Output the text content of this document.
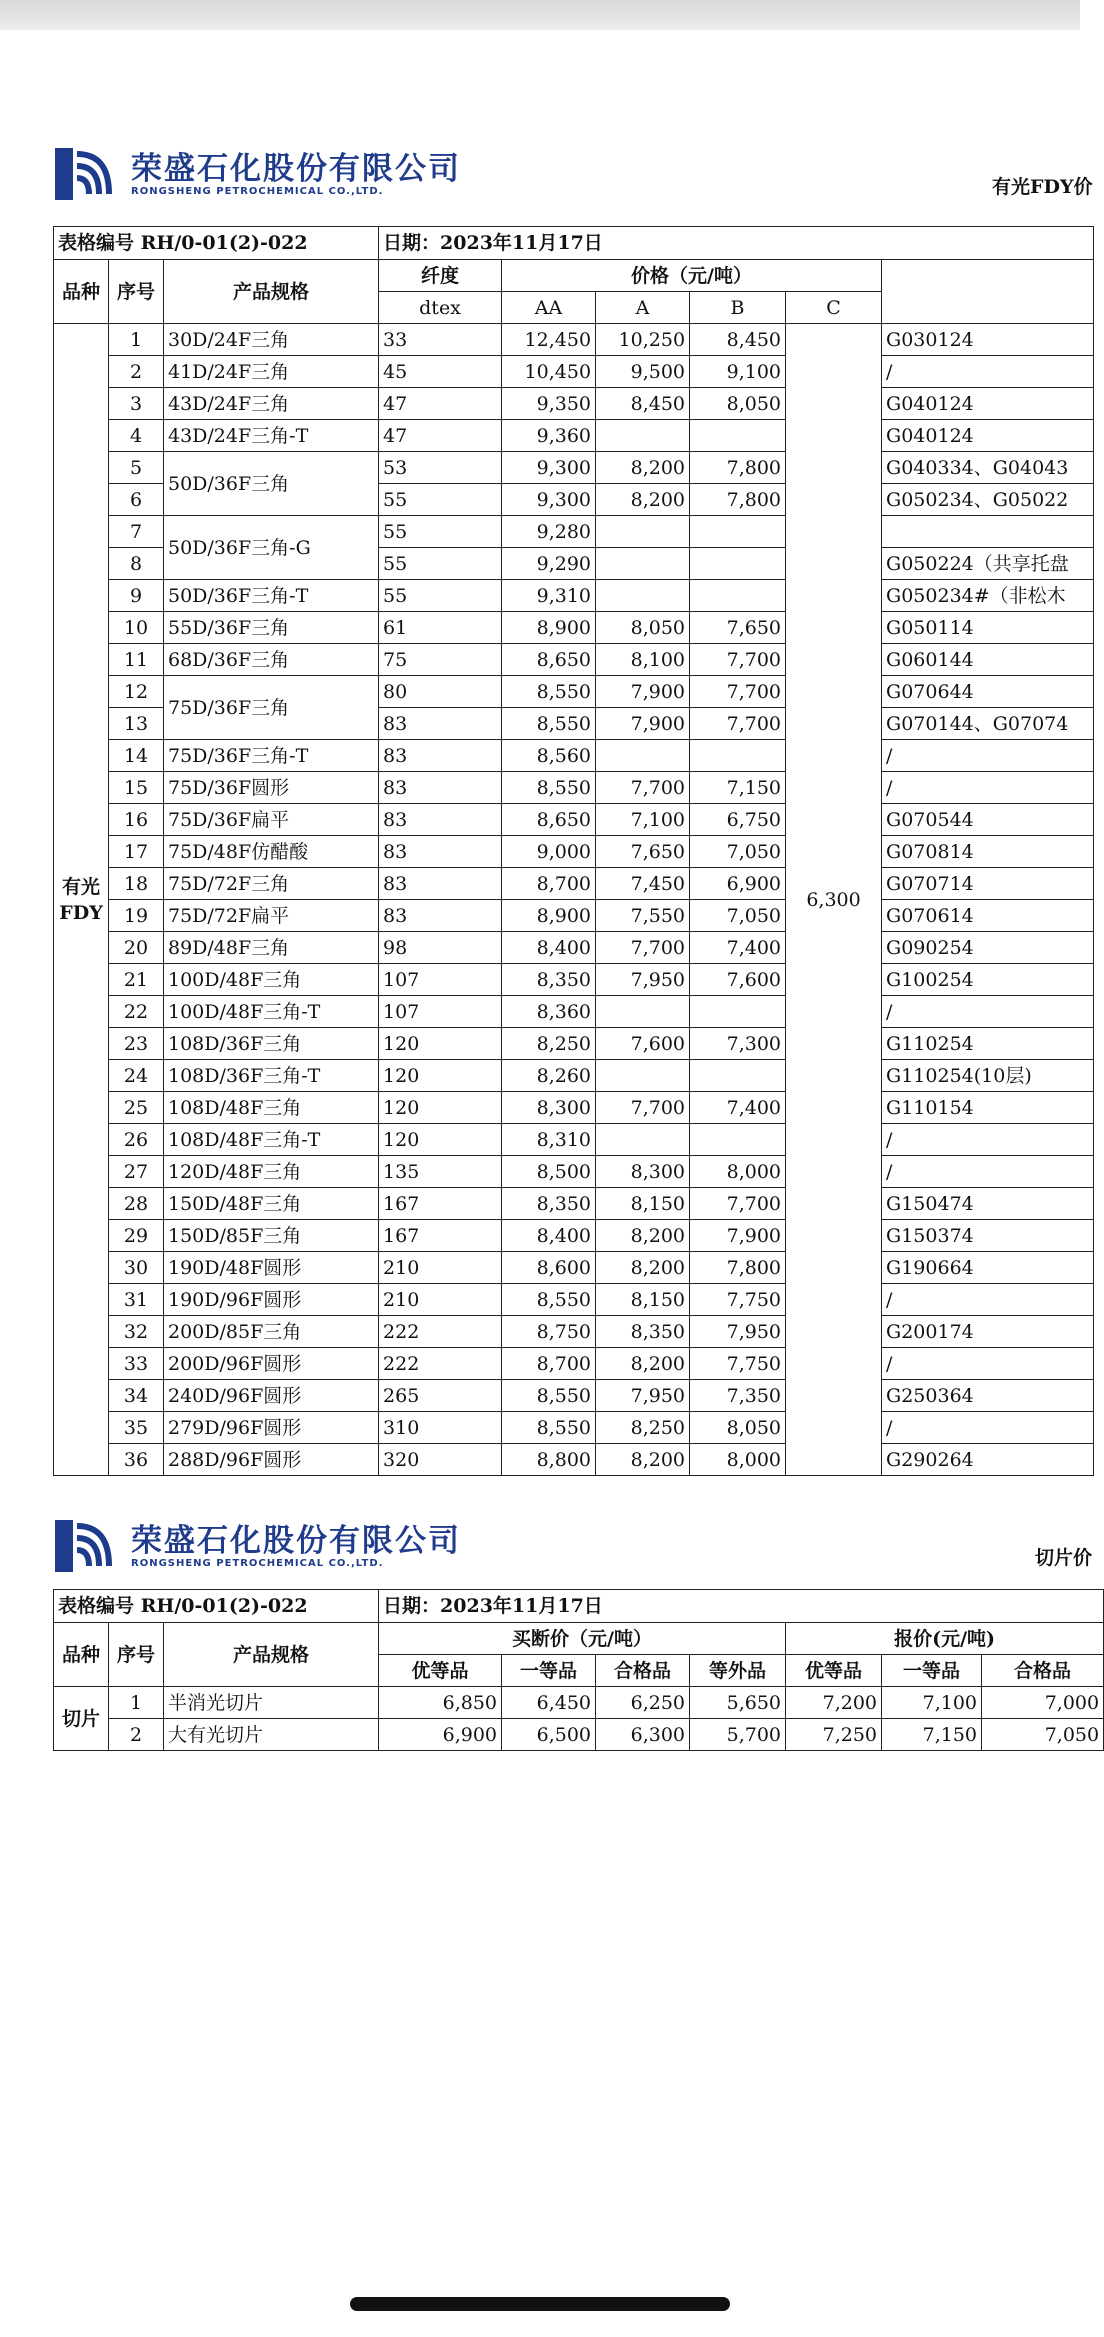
荣盛石化股份有限公司
RONGSHENG PETROCHEMICAL CO.,LTD.	有光FDY价
表格编号 RH/0-01(2)-022			日期：2023年11月17日					
品种	序号	产品规格	纤度	价格（元/吨）				
			dtex	AA	A	B	C	
有光
FDY	1	30D/24F三角	33	12,450	10,250	8,450	6,300	G030124
	2	41D/24F三角	45	10,450	9,500	9,100		/
	3	43D/24F三角	47	9,350	8,450	8,050		G040124
	4	43D/24F三角-T	47	9,360				G040124
	5	50D/36F三角	53	9,300	8,200	7,800		G040334、G04043
	6		55	9,300	8,200	7,800		G050234、G05022
	7	50D/36F三角-G	55	9,280				
	8		55	9,290				G050224（共享托盘
	9	50D/36F三角-T	55	9,310				G050234#（非松木
	10	55D/36F三角	61	8,900	8,050	7,650		G050114
	11	68D/36F三角	75	8,650	8,100	7,700		G060144
	12	75D/36F三角	80	8,550	7,900	7,700		G070644
	13		83	8,550	7,900	7,700		G070144、G07074
	14	75D/36F三角-T	83	8,560				/
	15	75D/36F圆形	83	8,550	7,700	7,150		/
	16	75D/36F扁平	83	8,650	7,100	6,750		G070544
	17	75D/48F仿醋酸	83	9,000	7,650	7,050		G070814
	18	75D/72F三角	83	8,700	7,450	6,900		G070714
	19	75D/72F扁平	83	8,900	7,550	7,050		G070614
	20	89D/48F三角	98	8,400	7,700	7,400		G090254
	21	100D/48F三角	107	8,350	7,950	7,600		G100254
	22	100D/48F三角-T	107	8,360				/
	23	108D/36F三角	120	8,250	7,600	7,300		G110254
	24	108D/36F三角-T	120	8,260				G110254(10层)
	25	108D/48F三角	120	8,300	7,700	7,400		G110154
	26	108D/48F三角-T	120	8,310				/
	27	120D/48F三角	135	8,500	8,300	8,000		/
	28	150D/48F三角	167	8,350	8,150	7,700		G150474
	29	150D/85F三角	167	8,400	8,200	7,900		G150374
	30	190D/48F圆形	210	8,600	8,200	7,800		G190664
	31	190D/96F圆形	210	8,550	8,150	7,750		/
	32	200D/85F三角	222	8,750	8,350	7,950		G200174
	33	200D/96F圆形	222	8,700	8,200	7,750		/
	34	240D/96F圆形	265	8,550	7,950	7,350		G250364
	35	279D/96F圆形	310	8,550	8,250	8,050		/
	36	288D/96F圆形	320	8,800	8,200	8,000		G290264
荣盛石化股份有限公司
RONGSHENG PETROCHEMICAL CO.,LTD.	切片价
表格编号 RH/0-01(2)-022			日期：2023年11月17日						
品种	序号	产品规格	买断价（元/吨）				报价(元/吨)		
			优等品	一等品	合格品	等外品	优等品	一等品	合格品
切片	1	半消光切片	6,850	6,450	6,250	5,650	7,200	7,100	7,000
	2	大有光切片	6,900	6,500	6,300	5,700	7,250	7,150	7,050
